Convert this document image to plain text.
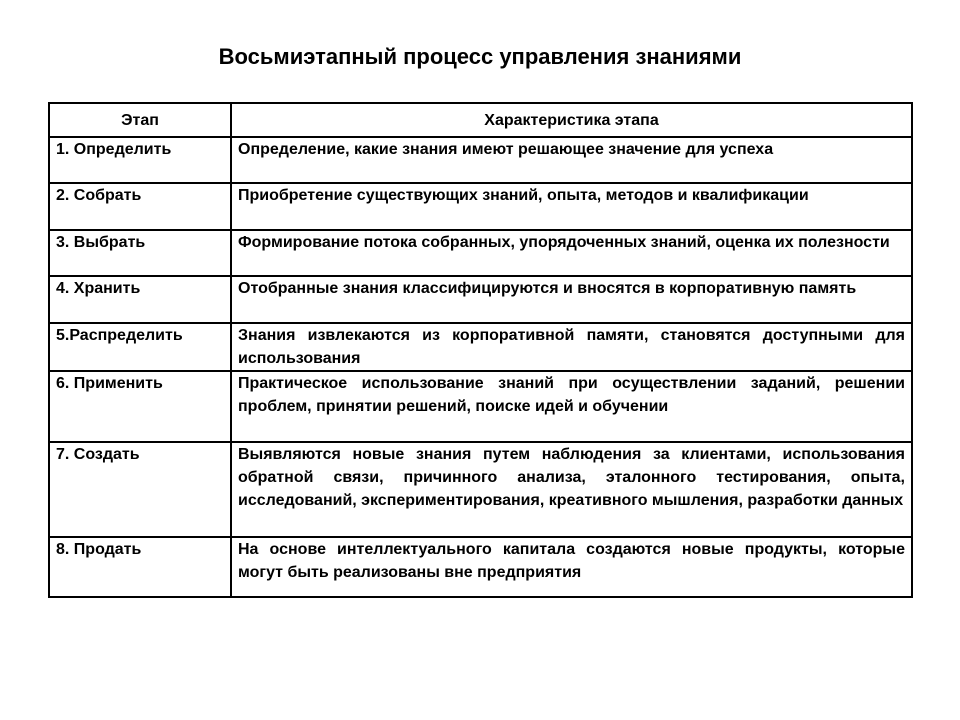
Восьмиэтапный процесс управления знаниями
Этап	Характеристика этапа
1. Определить	Определение, какие знания имеют решающее значение для успеха
2. Собрать	Приобретение существующих знаний, опыта, методов и квалификации
3. Выбрать	Формирование потока собранных, упорядоченных знаний, оценка их полезности
4. Хранить	Отобранные знания классифицируются и вносятся в корпоративную память
5.Распределить	Знания извлекаются из корпоративной памяти, становятся доступными для использования
6. Применить	Практическое использование знаний при осуществлении заданий, решении проблем, принятии решений, поиске идей и обучении
7. Создать	Выявляются новые знания путем наблюдения за клиентами, использования обратной связи, причинного анализа, эталонного тестирования, опыта, исследований, экспериментирования, креативного мышления, разработки данных
8. Продать	На основе интеллектуального капитала создаются новые продукты, которые могут быть реализованы вне предприятия
